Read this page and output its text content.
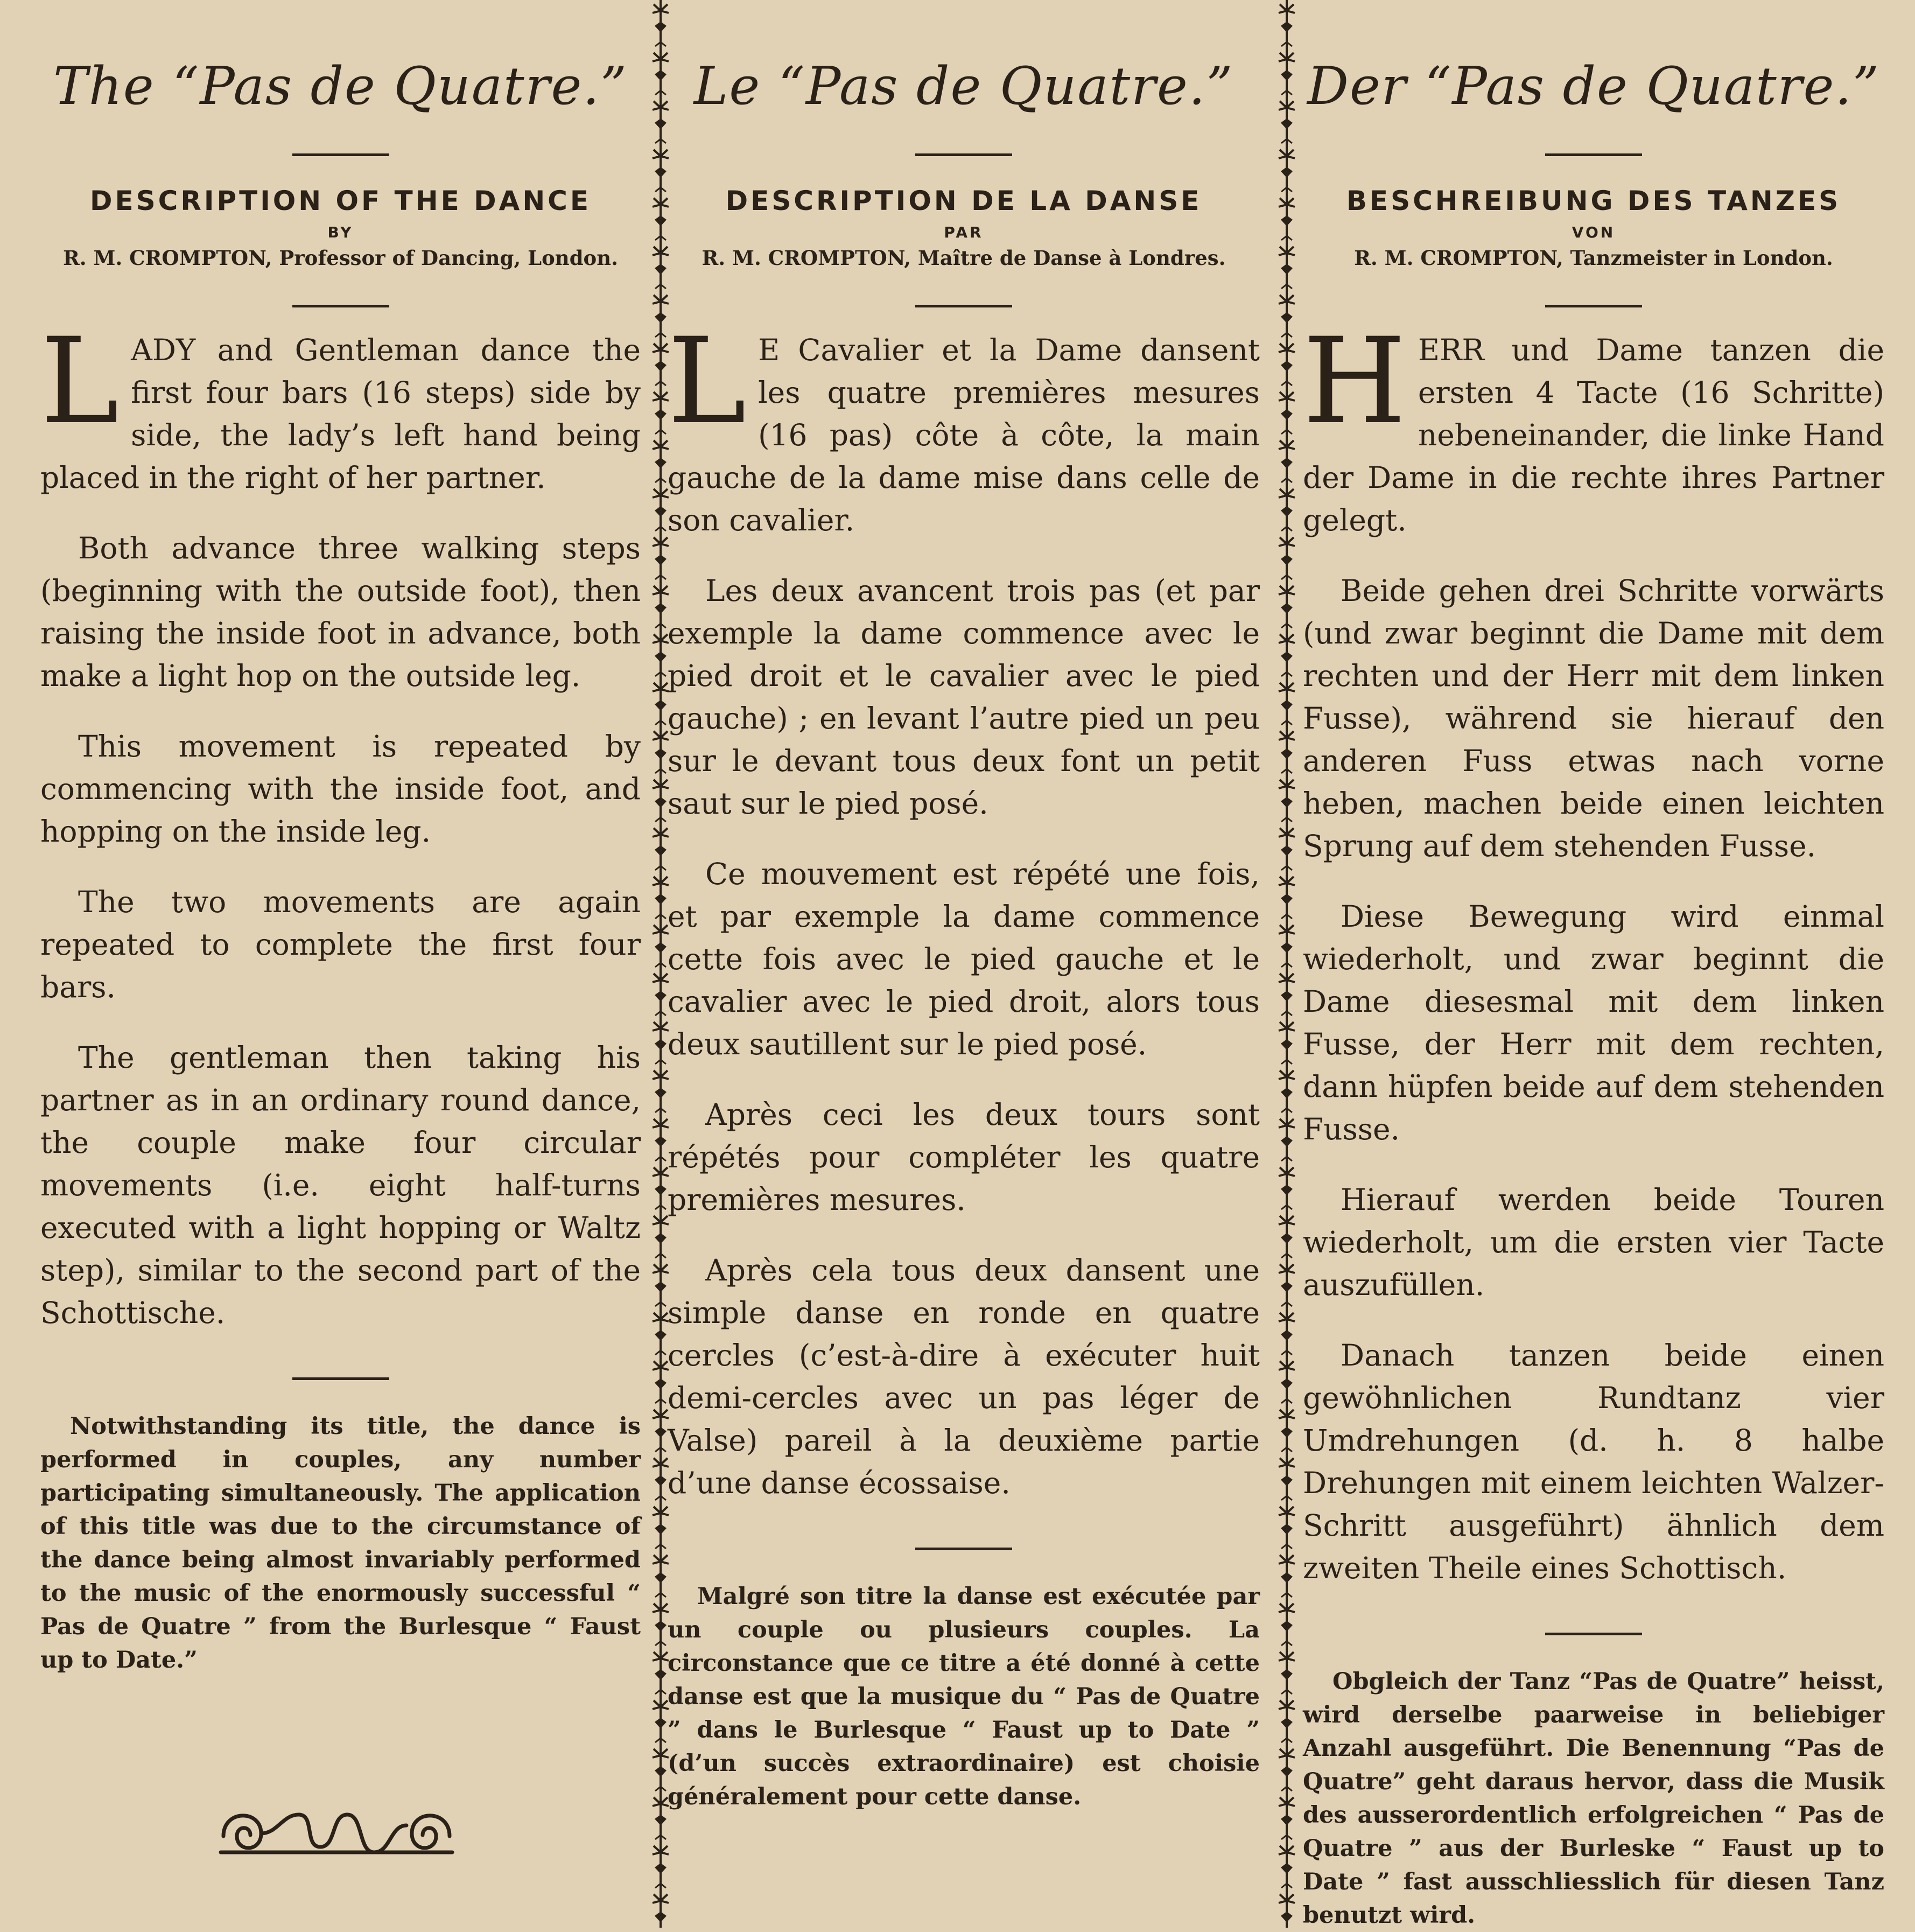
The “Pas de Quatre.”
DESCRIPTION OF THE DANCE
BY
R. M. CROMPTON, Professor of Dancing, London.

LADY and Gentleman dance the first four bars (16 steps) side by side, the lady’s left hand being placed in the right of her partner.

Both advance three walking steps (beginning with the outside foot), then raising the inside foot in advance, both make a light hop on the outside leg.

This movement is repeated by commencing with the inside foot, and hopping on the inside leg.

The two movements are again repeated to complete the first four bars.

The gentleman then taking his partner as in an ordinary round dance, the couple make four circular movements (i.e. eight half-turns executed with a light hopping or Waltz step), similar to the second part of the Schottische.

Notwithstanding its title, the dance is performed in couples, any number participating simultaneously. The application of this title was due to the circumstance of the dance being almost invariably performed to the music of the enormously successful “ Pas de Quatre ” from the Burlesque “ Faust up to Date.”

Le “Pas de Quatre.”
DESCRIPTION DE LA DANSE
PAR
R. M. CROMPTON, Maître de Danse à Londres.

L E Cavalier et la Dame dansent les quatre premières mesures (16 pas) côte à côte, la main gauche de la dame mise dans celle de son cavalier.

Les deux avancent trois pas (et par exemple la dame commence avec le pied droit et le cavalier avec le pied gauche) ; en levant l’autre pied un peu sur le devant tous deux font un petit saut sur le pied posé.

Ce mouvement est répété une fois, et par exemple la dame commence cette fois avec le pied gauche et le cavalier avec le pied droit, alors tous deux sautillent sur le pied posé.

Après ceci les deux tours sont répétés pour compléter les quatre premières mesures.

Après cela tous deux dansent une simple danse en ronde en quatre cercles (c’est-à-dire à exécuter huit demi-cercles avec un pas léger de Valse) pareil à la deuxième partie d’une danse écossaise.

Malgré son titre la danse est exécutée par un couple ou plusieurs couples. La circonstance que ce titre a été donné à cette danse est que la musique du “ Pas de Quatre ” dans le Burlesque “ Faust up to Date ” (d’un succès extraordinaire) est choisie généralement pour cette danse.

Der “Pas de Quatre.”
BESCHREIBUNG DES TANZES
VON
R. M. CROMPTON, Tanzmeister in London.

HERR und Dame tanzen die ersten 4 Tacte (16 Schritte) nebeneinander, die linke Hand der Dame in die rechte ihres Partner gelegt.

Beide gehen drei Schritte vorwärts (und zwar beginnt die Dame mit dem rechten und der Herr mit dem linken Fusse), während sie hierauf den anderen Fuss etwas nach vorne heben, machen beide einen leichten Sprung auf dem stehenden Fusse.

Diese Bewegung wird einmal wiederholt, und zwar beginnt die Dame diesesmal mit dem linken Fusse, der Herr mit dem rechten, dann hüpfen beide auf dem stehenden Fusse.

Hierauf werden beide Touren wiederholt, um die ersten vier Tacte auszufüllen.

Danach tanzen beide einen gewöhnlichen Rundtanz vier Umdrehungen (d. h. 8 halbe Drehungen mit einem leichten Walzer-Schritt ausgeführt) ähnlich dem zweiten Theile eines Schottisch.

Obgleich der Tanz “Pas de Quatre” heisst, wird derselbe paarweise in beliebiger Anzahl ausgeführt. Die Benennung “Pas de Quatre” geht daraus hervor, dass die Musik des ausserordentlich erfolgreichen “ Pas de Quatre ” aus der Burleske “ Faust up to Date ” fast ausschliesslich für diesen Tanz benutzt wird.
